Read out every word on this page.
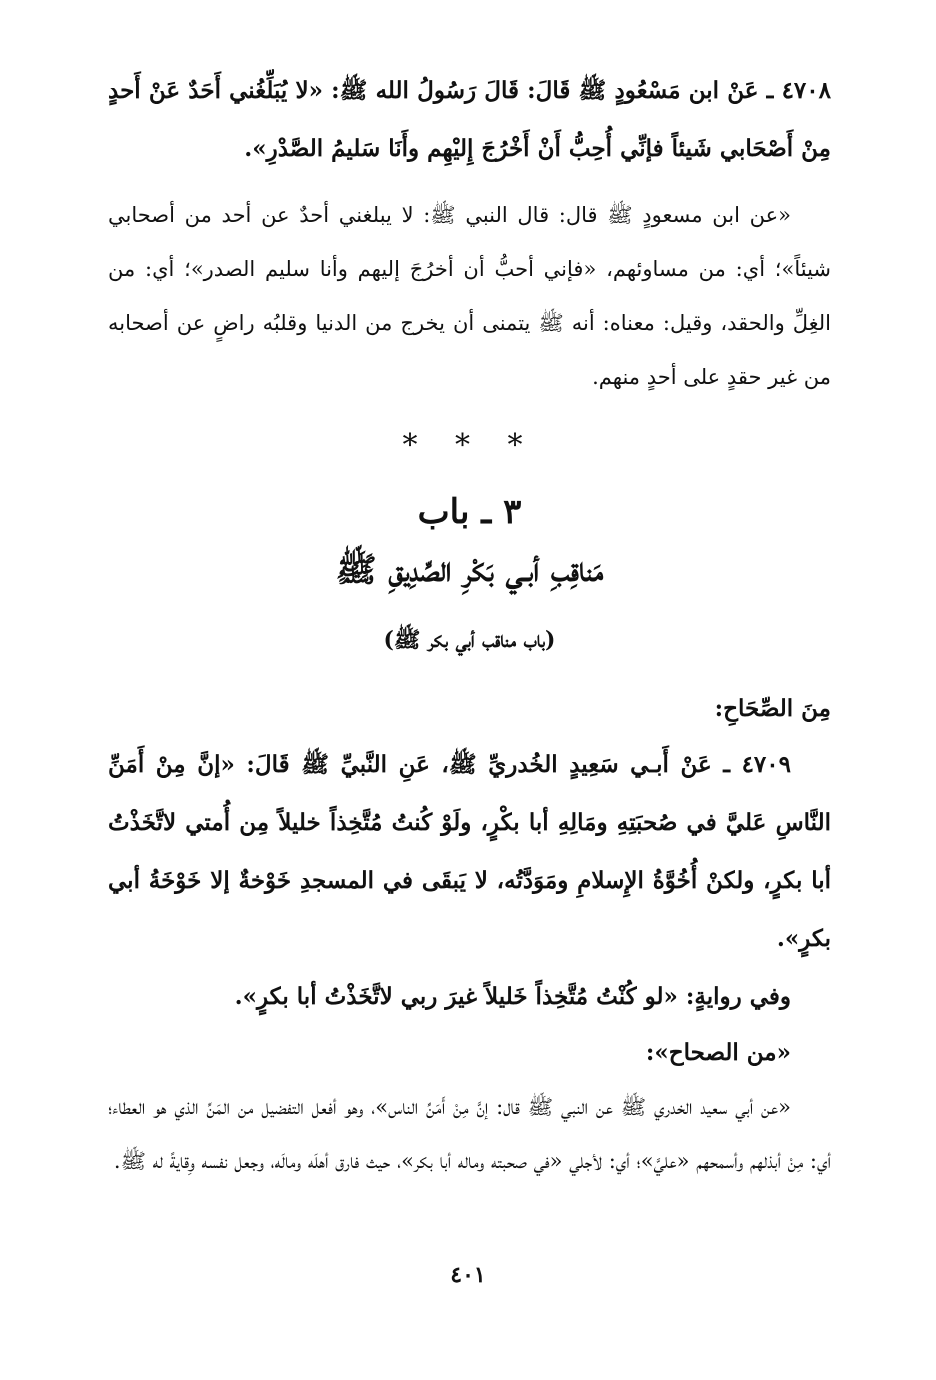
٤٧٠٨ ـ عَنْ ابن مَسْعُودٍ ﷺ قَالَ: قَالَ رَسُولُ الله ﷺ: «لا يُبَلِّغُني أَحَدٌ عَنْ أَحدٍ مِنْ أَصْحَابي شَيئاً فإنِّي أُحِبُّ أَنْ أَخْرُجَ إِليْهِم وأَنَا سَليمُ الصَّدْرِ».

«عن ابن مسعودٍ ﷺ قال: قال النبي ﷺ: لا يبلغني أحدٌ عن أحد من أصحابي شيئاً»؛ أي: من مساوئهم، «فإني أحبُّ أن أخرُجَ إليهم وأنا سليم الصدر»؛ أي: من الغِلِّ والحقد، وقيل: معناه: أنه ﷺ يتمنى أن يخرج من الدنيا وقلبُه راضٍ عن أصحابه من غير حقدٍ على أحدٍ منهم.

* * *
٣ ـ باب
مَناقِبِ أبـي بَكْرِ الصِّدِيقِ ﷺ
(باب مناقب أبي بكر ﷺ)

مِنَ الصِّحَاحِ:

٤٧٠٩ ـ عَنْ أَبـي سَعِيدٍ الخُدريِّ ﷺ، عَنِ النَّبيِّ ﷺ قَالَ: «إنَّ مِنْ أَمَنِّ النَّاسِ عَليَّ في صُحبَتِهِ ومَالِهِ أبا بكْرٍ، ولَوْ كُنتُ مُتَّخِذاً خليلاً مِن أُمتي لاتَّخَذْتُ أبا بكرٍ، ولكنْ أُخُوَّةُ الإِسلامِ ومَوَدَّتُه، لا يَبقَى في المسجدِ خَوْخةٌ إلا خَوْخَةُ أبي بكرٍ».

وفي روايةٍ: «لو كُنْتُ مُتَّخِذاً خَليلاً غيرَ ربي لاتَّخَذْتُ أبا بكرٍ».

«من الصحاح»:

«عن أبي سعيد الخدري ﷺ عن النبي ﷺ قال: إنَّ مِنْ أَمَنِّ الناس»، وهو أفعل التفضيل من المَنِّ الذي هو العطاء؛ أي: مِنْ أبذلهم وأسمحهم «عليَّ»؛ أي: لأجلي «في صحبته وماله أبا بكر»، حيث فارق أهلَه ومالَه، وجعل نفسه وِقايةً له ﷺ.

٤٠١
